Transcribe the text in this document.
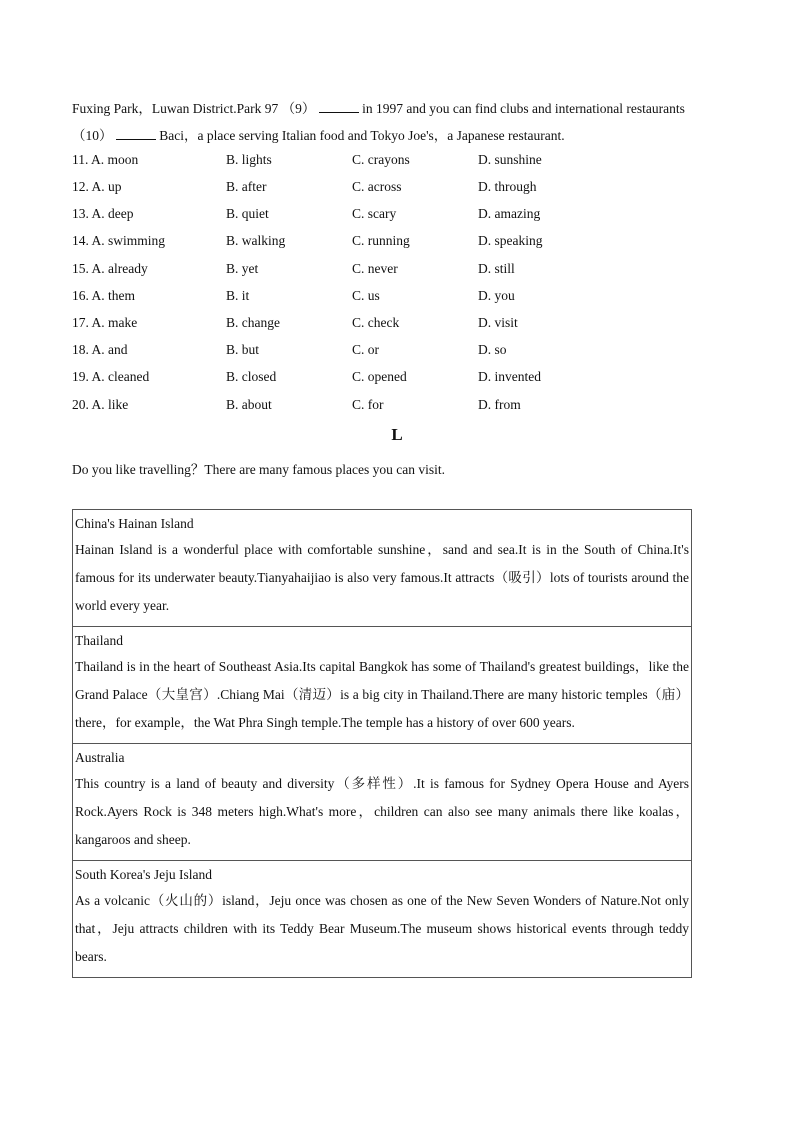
Fuxing Park，Luwan District.Park 97 （9）	in 1997 and you can find clubs and international restaurants
（10）	Baci，a place serving Italian food and Tokyo Joe's，a Japanese restaurant.
11. A. moon	B. lights	C. crayons	D. sunshine
12. A. up	B. after	C. across	D. through
13. A. deep	B. quiet	C. scary	D. amazing
14. A. swimming	B. walking	C. running	D. speaking
15. A. already	B. yet	C. never	D. still
16. A. them	B. it	C. us	D. you
17. A. make	B. change	C. check	D. visit
18. A. and	B. but	C. or	D. so
19. A. cleaned	B. closed	C. opened	D. invented
20. A. like	B. about	C. for	D. from
L
Do you like travelling？There are many famous places you can visit.
China's Hainan Island
Hainan Island is a wonderful place with comfortable sunshine，sand and sea.It is in the South of China.It's famous for its underwater beauty.Tianyahaijiao is also very famous.It attracts（吸引）lots of tourists around the world every year.
Thailand
Thailand is in the heart of Southeast Asia.Its capital Bangkok has some of Thailand's greatest buildings，like the Grand Palace（大皇宫）.Chiang Mai（清迈）is a big city in Thailand.There are many historic temples（庙）there，for example，the Wat Phra Singh temple.The temple has a history of over 600 years.
Australia
This country is a land of beauty and diversity（多样性）.It is famous for Sydney Opera House and Ayers Rock.Ayers Rock is 348 meters high.What's more，children can also see many animals there like koalas，kangaroos and sheep.
South Korea's Jeju Island
As a volcanic（火山的）island，Jeju once was chosen as one of the New Seven Wonders of Nature.Not only that，Jeju attracts children with its Teddy Bear Museum.The museum shows historical events through teddy bears.
